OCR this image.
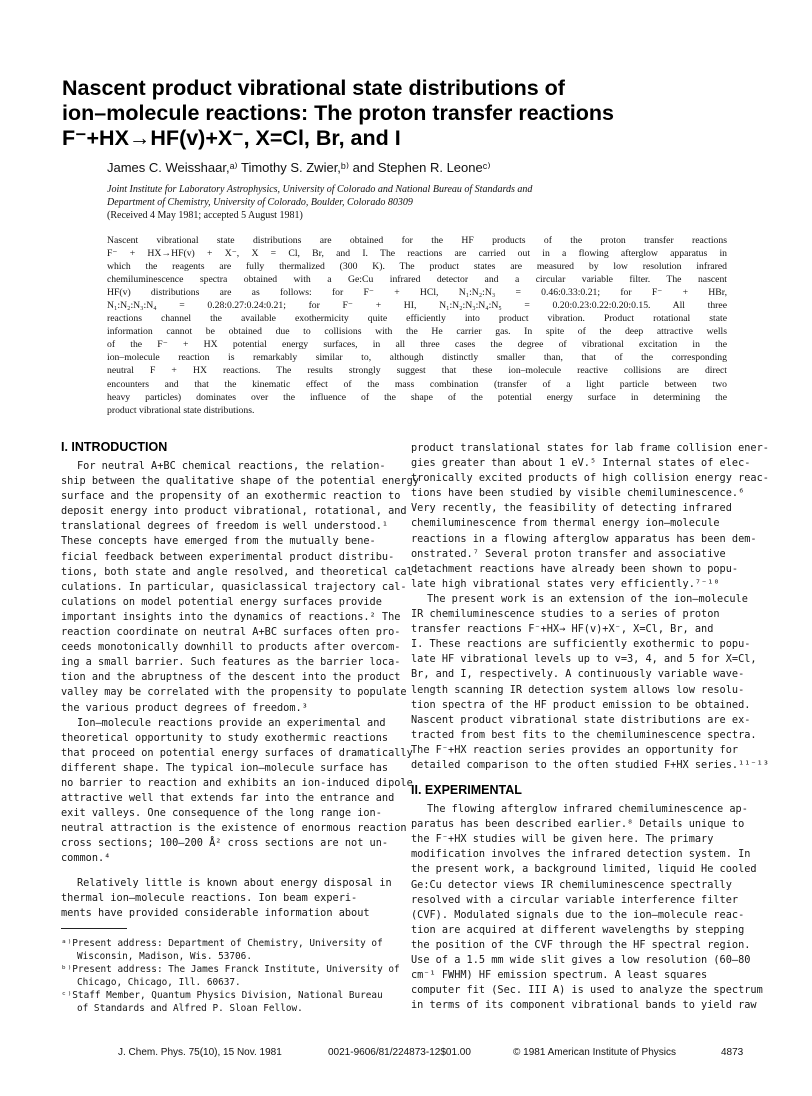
Nascent product vibrational state distributions of
ion–molecule reactions: The proton transfer reactions
F⁻+HX→HF(v)+X⁻, X=Cl, Br, and I
James C. Weisshaar,ᵃ⁾ Timothy S. Zwier,ᵇ⁾ and Stephen R. Leoneᶜ⁾
Joint Institute for Laboratory Astrophysics, University of Colorado and National Bureau of Standards and
Department of Chemistry, University of Colorado, Boulder, Colorado 80309
(Received 4 May 1981; accepted 5 August 1981)
Nascent vibrational state distributions are obtained for the HF products of the proton transfer reactions
F⁻ + HX→HF(v) + X⁻, X = Cl, Br, and I. The reactions are carried out in a flowing afterglow apparatus in
which the reagents are fully thermalized (300 K). The product states are measured by low resolution infrared
chemiluminescence spectra obtained with a Ge:Cu infrared detector and a circular variable filter. The nascent
HF(v) distributions are as follows: for F⁻ + HCl, N₁:N₂:N₃ = 0.46:0.33:0.21; for F⁻ + HBr,
N₁:N₂:N₃:N₄ = 0.28:0.27:0.24:0.21; for F⁻ + HI, N₁:N₂:N₃:N₄:N₅ = 0.20:0.23:0.22:0.20:0.15. All three
reactions channel the available exothermicity quite efficiently into product vibration. Product rotational state
information cannot be obtained due to collisions with the He carrier gas. In spite of the deep attractive wells
of the F⁻ + HX potential energy surfaces, in all three cases the degree of vibrational excitation in the
ion–molecule reaction is remarkably similar to, although distinctly smaller than, that of the corresponding
neutral F + HX reactions. The results strongly suggest that these ion–molecule reactive collisions are direct
encounters and that the kinematic effect of the mass combination (transfer of a light particle between two
heavy particles) dominates over the influence of the shape of the potential energy surface in determining the
product vibrational state distributions.
I. INTRODUCTION
For neutral A+BC chemical reactions, the relation-
ship between the qualitative shape of the potential energy
surface and the propensity of an exothermic reaction to
deposit energy into product vibrational, rotational, and
translational degrees of freedom is well understood.¹
These concepts have emerged from the mutually bene-
ficial feedback between experimental product distribu-
tions, both state and angle resolved, and theoretical cal-
culations. In particular, quasiclassical trajectory cal-
culations on model potential energy surfaces provide
important insights into the dynamics of reactions.² The
reaction coordinate on neutral A+BC surfaces often pro-
ceeds monotonically downhill to products after overcom-
ing a small barrier. Such features as the barrier loca-
tion and the abruptness of the descent into the product
valley may be correlated with the propensity to populate
the various product degrees of freedom.³
Ion–molecule reactions provide an experimental and
theoretical opportunity to study exothermic reactions
that proceed on potential energy surfaces of dramatically
different shape. The typical ion–molecule surface has
no barrier to reaction and exhibits an ion-induced dipole
attractive well that extends far into the entrance and
exit valleys. One consequence of the long range ion-
neutral attraction is the existence of enormous reaction
cross sections; 100–200 Å² cross sections are not un-
common.⁴
Relatively little is known about energy disposal in
thermal ion–molecule reactions. Ion beam experi-
ments have provided considerable information about
ᵃ⁾Present address: Department of Chemistry, University of
Wisconsin, Madison, Wis. 53706.
ᵇ⁾Present address: The James Franck Institute, University of
Chicago, Chicago, Ill. 60637.
ᶜ⁾Staff Member, Quantum Physics Division, National Bureau
of Standards and Alfred P. Sloan Fellow.
product translational states for lab frame collision ener-
gies greater than about 1 eV.⁵ Internal states of elec-
tronically excited products of high collision energy reac-
tions have been studied by visible chemiluminescence.⁶
Very recently, the feasibility of detecting infrared
chemiluminescence from thermal energy ion–molecule
reactions in a flowing afterglow apparatus has been dem-
onstrated.⁷ Several proton transfer and associative
detachment reactions have already been shown to popu-
late high vibrational states very efficiently.⁷⁻¹⁰
The present work is an extension of the ion–molecule
IR chemiluminescence studies to a series of proton
transfer reactions F⁻+HX→ HF(v)+X⁻, X=Cl, Br, and
I. These reactions are sufficiently exothermic to popu-
late HF vibrational levels up to v=3, 4, and 5 for X=Cl,
Br, and I, respectively. A continuously variable wave-
length scanning IR detection system allows low resolu-
tion spectra of the HF product emission to be obtained.
Nascent product vibrational state distributions are ex-
tracted from best fits to the chemiluminescence spectra.
The F⁻+HX reaction series provides an opportunity for
detailed comparison to the often studied F+HX series.¹¹⁻¹³
II. EXPERIMENTAL
The flowing afterglow infrared chemiluminescence ap-
paratus has been described earlier.⁸ Details unique to
the F⁻+HX studies will be given here. The primary
modification involves the infrared detection system. In
the present work, a background limited, liquid He cooled
Ge:Cu detector views IR chemiluminescence spectrally
resolved with a circular variable interference filter
(CVF). Modulated signals due to the ion–molecule reac-
tion are acquired at different wavelengths by stepping
the position of the CVF through the HF spectral region.
Use of a 1.5 mm wide slit gives a low resolution (60–80
cm⁻¹ FWHM) HF emission spectrum. A least squares
computer fit (Sec. III A) is used to analyze the spectrum
in terms of its component vibrational bands to yield raw
J. Chem. Phys. 75(10), 15 Nov. 1981	0021-9606/81/224873-12$01.00	© 1981 American Institute of Physics	4873
